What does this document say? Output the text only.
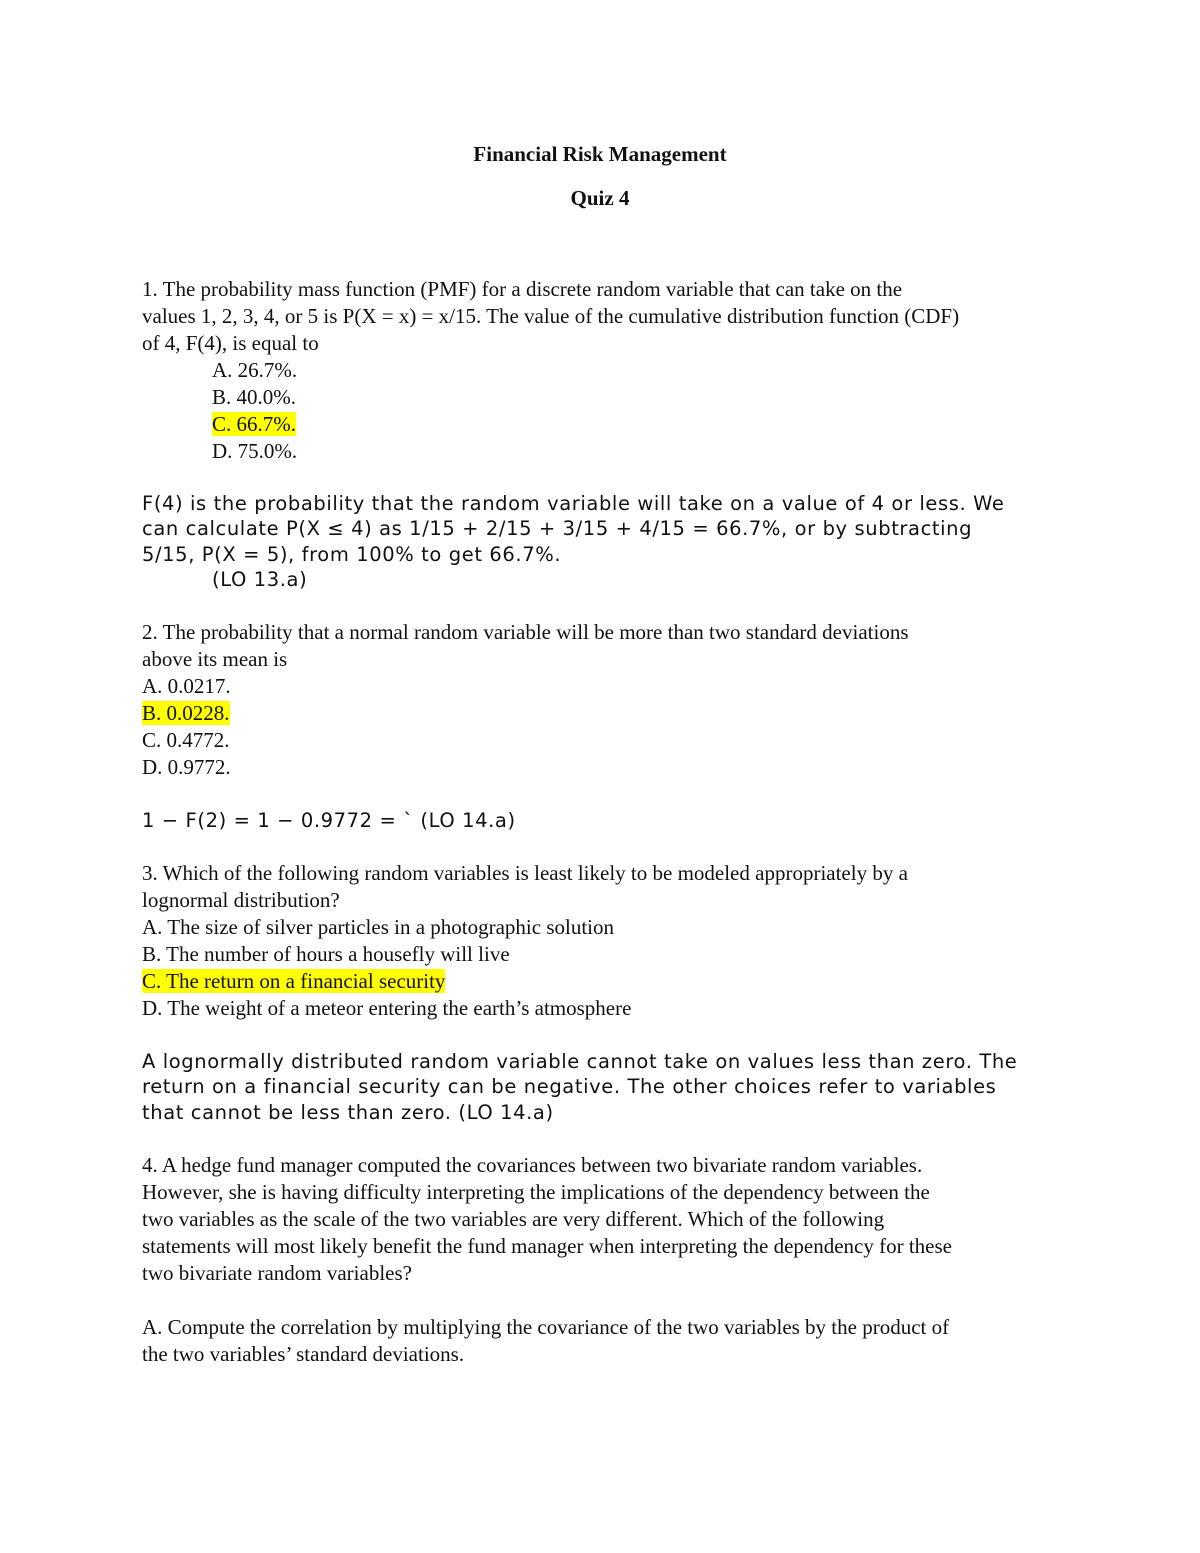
Financial Risk Management
Quiz 4
1. The probability mass function (PMF) for a discrete random variable that can take on the
values 1, 2, 3, 4, or 5 is P(X = x) = x/15. The value of the cumulative distribution function (CDF)
of 4, F(4), is equal to
A. 26.7%.
B. 40.0%.
C. 66.7%.
D. 75.0%.
F(4) is the probability that the random variable will take on a value of 4 or less. We
can calculate P(X ≤ 4) as 1/15 + 2/15 + 3/15 + 4/15 = 66.7%, or by subtracting
5/15, P(X = 5), from 100% to get 66.7%.
(LO 13.a)
2. The probability that a normal random variable will be more than two standard deviations
above its mean is
A. 0.0217.
B. 0.0228.
C. 0.4772.
D. 0.9772.
1 − F(2) = 1 − 0.9772 = ` (LO 14.a)
3. Which of the following random variables is least likely to be modeled appropriately by a
lognormal distribution?
A. The size of silver particles in a photographic solution
B. The number of hours a housefly will live
C. The return on a financial security
D. The weight of a meteor entering the earth’s atmosphere
A lognormally distributed random variable cannot take on values less than zero. The
return on a financial security can be negative. The other choices refer to variables
that cannot be less than zero. (LO 14.a)
4. A hedge fund manager computed the covariances between two bivariate random variables.
However, she is having difficulty interpreting the implications of the dependency between the
two variables as the scale of the two variables are very different. Which of the following
statements will most likely benefit the fund manager when interpreting the dependency for these
two bivariate random variables?
A. Compute the correlation by multiplying the covariance of the two variables by the product of
the two variables’ standard deviations.
